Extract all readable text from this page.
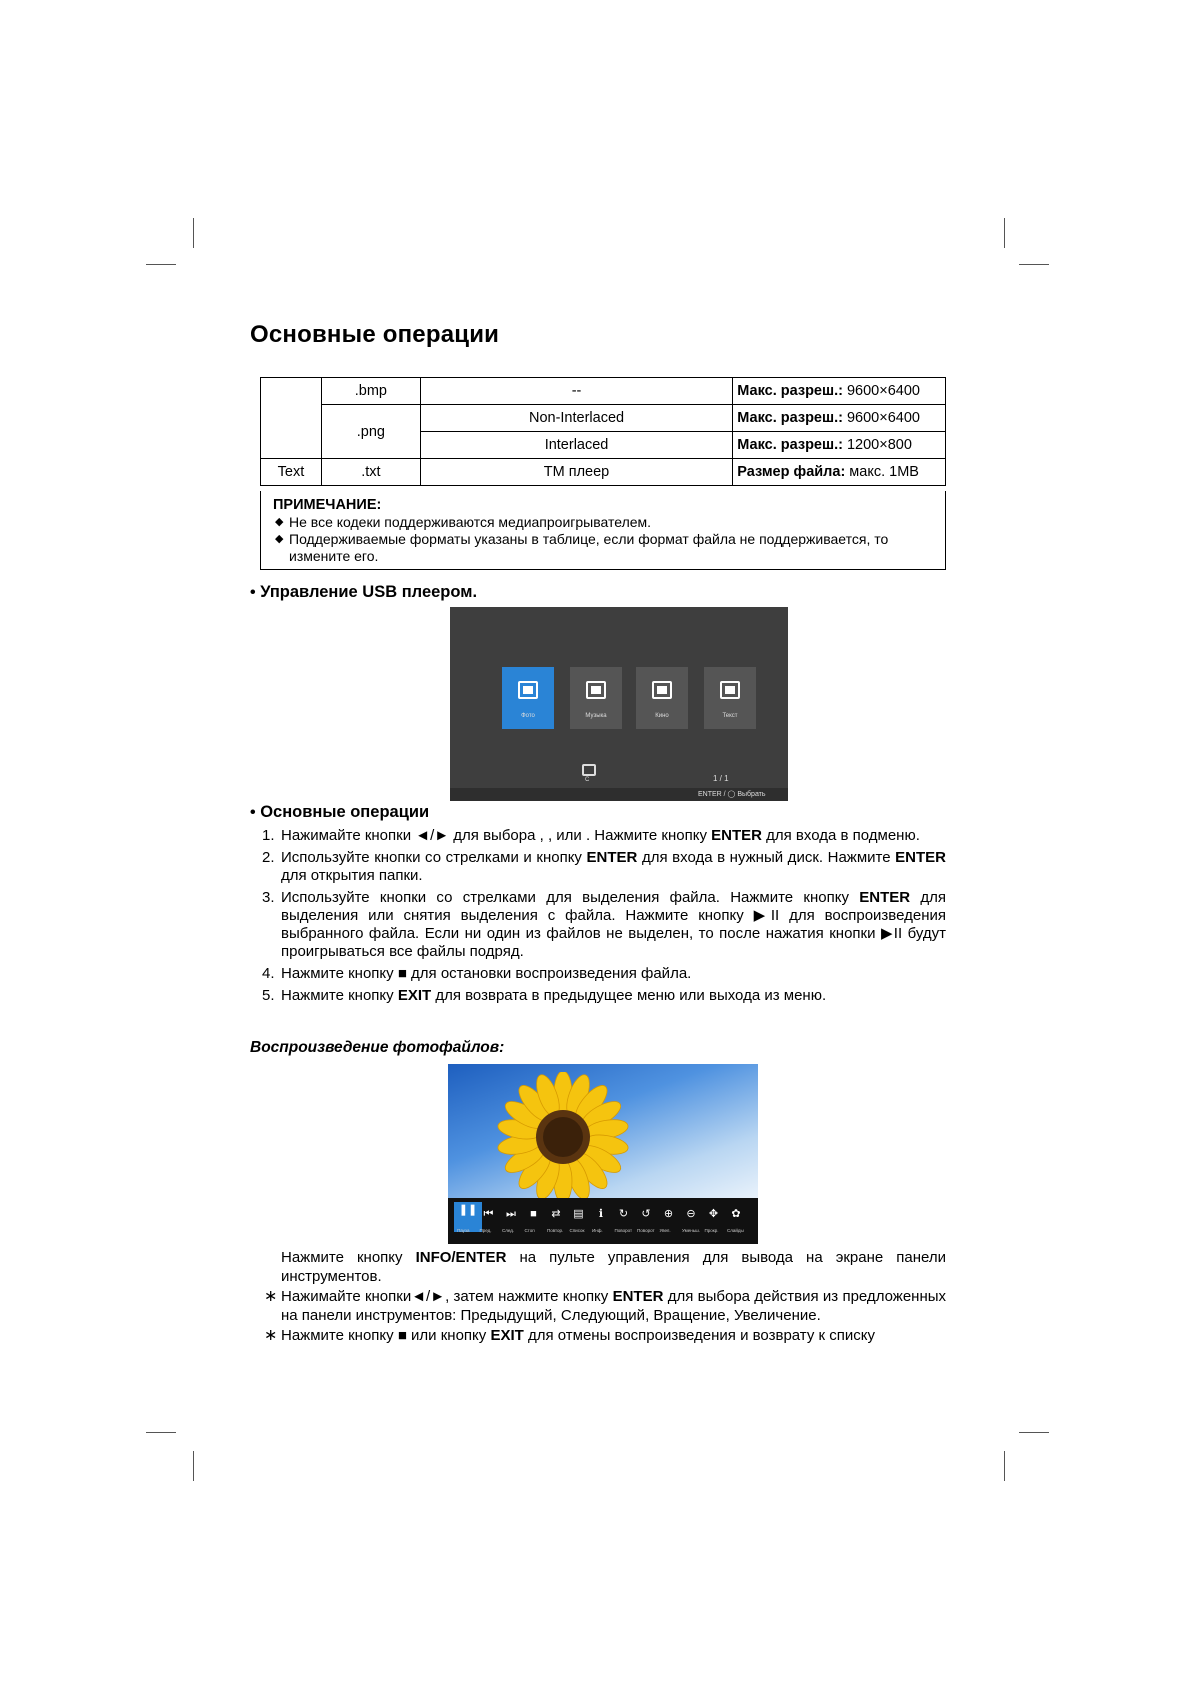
Основные операции
	.bmp	--	Макс. разреш.: 9600×6400
	.png	Non-Interlaced	Макс. разреш.: 9600×6400
		Interlaced	Макс. разреш.: 1200×800
Text	.txt	TM плеер	Размер файла: макс. 1MB
ПРИМЕЧАНИЕ:
◆ Не все кодеки поддерживаются медиапроигрывателем.
◆ Поддерживаемые форматы указаны в таблице, если формат файла не поддерживается, то измените его.
• Управление USB плеером.
Фото	Музыка	Кино	Текст
C	1 / 1
ENTER / ◯ Выбрать
• Основные операции
1. Нажимайте кнопки ◄/► для выбора , , или . Нажмите кнопку ENTER для входа в подменю.
2. Используйте кнопки со стрелками и кнопку ENTER для входа в нужный диск. Нажмите ENTER для открытия папки.
3. Используйте кнопки со стрелками для выделения файла. Нажмите кнопку ENTER для выделения или снятия выделения с файла. Нажмите кнопку ▶II для воспроизведения выбранного файла. Если ни один из файлов не выделен, то после нажатия кнопки ▶II будут проигрываться все файлы подряд.
4. Нажмите кнопку ■ для остановки воспроизведения файла.
5. Нажмите кнопку EXIT для возврата в предыдущее меню или выхода из меню.
Воспроизведение фотофайлов:
❚❚
Пауза
⏮
Пред.
⏭
След.
■
Стоп
⇄
Повтор.
▤
Список
ℹ
Инф.
↻
Поворот
↺
Поворот
⊕
Увел.
⊖
Уменьш.
✥
Прокр.
✿
Слайды
Нажмите кнопку INFO/ENTER на пульте управления для вывода на экране панели инструментов.
∗ Нажимайте кнопки◄/►, затем нажмите кнопку ENTER для выбора действия из предложенных на панели инструментов: Предыдущий, Следующий, Вращение, Увеличение.
∗ Нажмите кнопку ■ или кнопку EXIT для отмены воспроизведения и возврату к списку
